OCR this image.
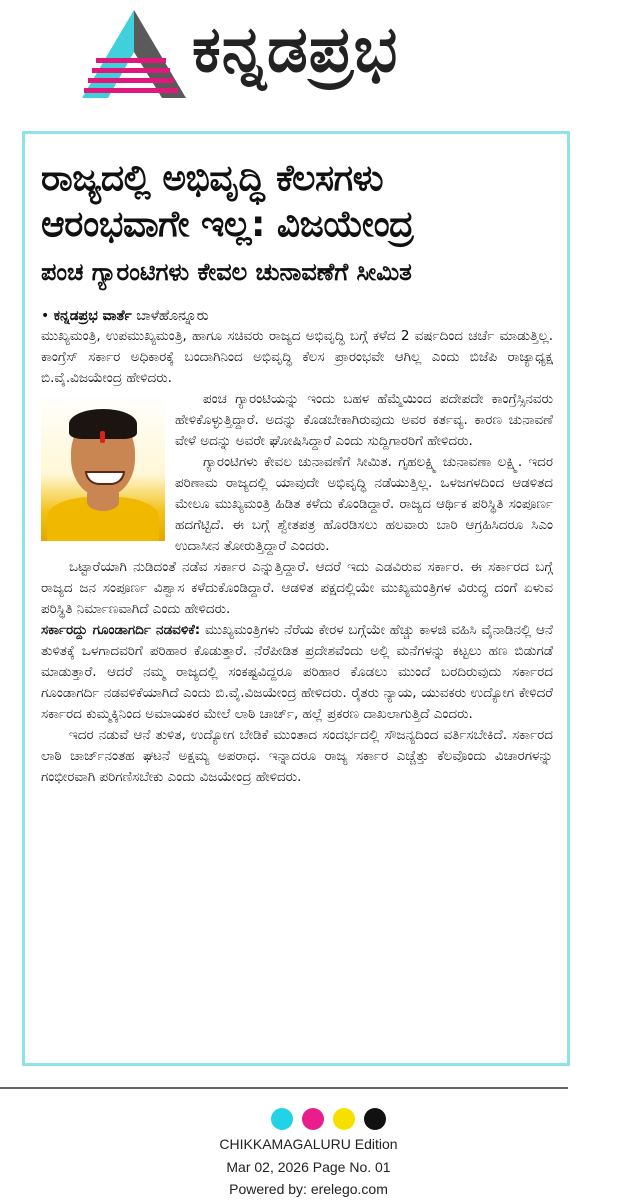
ಕನ್ನಡಪ್ರಭ
ರಾಜ್ಯದಲ್ಲಿ ಅಭಿವೃದ್ಧಿ ಕೆಲಸಗಳು
ಆರಂಭವಾಗೇ ಇಲ್ಲ: ವಿಜಯೇಂದ್ರ
ಪಂಚ ಗ್ಯಾರಂಟಿಗಳು ಕೇವಲ ಚುನಾವಣೆಗೆ ಸೀಮಿತ
• ಕನ್ನಡಪ್ರಭ ವಾರ್ತೆ ಬಾಳೆಹೊನ್ನೂರು

ಮುಖ್ಯಮಂತ್ರಿ, ಉಪಮುಖ್ಯಮಂತ್ರಿ, ಹಾಗೂ ಸಚಿವರು ರಾಜ್ಯದ ಅಭಿವೃದ್ಧಿ ಬಗ್ಗೆ ಕಳೆದ 2 ವರ್ಷದಿಂದ ಚರ್ಚೆ ಮಾಡುತ್ತಿಲ್ಲ. ಕಾಂಗ್ರೆಸ್ ಸರ್ಕಾರ ಅಧಿಕಾರಕ್ಕೆ ಬಂದಾಗಿನಿಂದ ಅಭಿವೃದ್ಧಿ ಕೆಲಸ ಪ್ರಾರಂಭವೇ ಆಗಿಲ್ಲ ಎಂದು ಬಿಜೆಪಿ ರಾಜ್ಯಾಧ್ಯಕ್ಷ ಬಿ.ವೈ.ವಿಜಯೇಂದ್ರ ಹೇಳಿದರು.

ಪಂಚ ಗ್ಯಾರಂಟಿಯನ್ನು ಇಂದು ಬಹಳ ಹೆಮ್ಮೆಯಿಂದ ಪದೇಪದೇ ಕಾಂಗ್ರೆಸ್ಸಿನವರು ಹೇಳಿಕೊಳ್ಳುತ್ತಿದ್ದಾರೆ. ಅದನ್ನು ಕೊಡಬೇಕಾಗಿರುವುದು ಅವರ ಕರ್ತವ್ಯ. ಕಾರಣ ಚುನಾವಣೆ ವೇಳೆ ಅದನ್ನು ಅವರೇ ಘೋಷಿಸಿದ್ದಾರೆ ಎಂದು ಸುದ್ದಿಗಾರರಿಗೆ ಹೇಳಿದರು.

ಗ್ಯಾರಂಟಿಗಳು ಕೇವಲ ಚುನಾವಣೆಗೆ ಸೀಮಿತ. ಗೃಹಲಕ್ಷ್ಮಿ ಚುನಾವಣಾ ಲಕ್ಷ್ಮಿ. ಇದರ ಪರಿಣಾಮ ರಾಜ್ಯದಲ್ಲಿ ಯಾವುದೇ ಅಭಿವೃದ್ಧಿ ನಡೆಯುತ್ತಿಲ್ಲ. ಒಳಜಗಳದಿಂದ ಆಡಳಿತದ ಮೇಲೂ ಮುಖ್ಯಮಂತ್ರಿ ಹಿಡಿತ ಕಳೆದು ಕೊಂಡಿದ್ದಾರೆ. ರಾಜ್ಯದ ಆರ್ಥಿಕ ಪರಿಸ್ಥಿತಿ ಸಂಪೂರ್ಣ ಹದಗೆಟ್ಟಿದೆ. ಈ ಬಗ್ಗೆ ಶ್ವೇತಪತ್ರ ಹೊರಡಿಸಲು ಹಲವಾರು ಬಾರಿ ಆಗ್ರಹಿಸಿದರೂ ಸಿಎಂ ಉದಾಸೀನ ತೋರುತ್ತಿದ್ದಾರೆ ಎಂದರು.

ಒಟ್ಟಾರೆಯಾಗಿ ನುಡಿದಂತೆ ನಡೆವ ಸರ್ಕಾರ ಎನ್ನುತ್ತಿದ್ದಾರೆ. ಆದರೆ ಇದು ಎಡವಿರುವ ಸರ್ಕಾರ. ಈ ಸರ್ಕಾರದ ಬಗ್ಗೆ ರಾಜ್ಯದ ಜನ ಸಂಪೂರ್ಣ ವಿಶ್ವಾಸ ಕಳೆದುಕೊಂಡಿದ್ದಾರೆ. ಆಡಳಿತ ಪಕ್ಷದಲ್ಲಿಯೇ ಮುಖ್ಯಮಂತ್ರಿಗಳ ವಿರುದ್ಧ ದಂಗೆ ಏಳುವ ಪರಿಸ್ಥಿತಿ ನಿರ್ಮಾಣವಾಗಿದೆ ಎಂದು ಹೇಳಿದರು.

ಸರ್ಕಾರದ್ದು ಗೂಂಡಾಗರ್ದಿ ನಡವಳಿಕೆ: ಮುಖ್ಯಮಂತ್ರಿಗಳು ನೆರೆಯ ಕೇರಳ ಬಗ್ಗೆಯೇ ಹೆಚ್ಚು ಕಾಳಜಿ ವಹಿಸಿ ವೈನಾಡಿನಲ್ಲಿ ಆನೆ ತುಳಿತಕ್ಕೆ ಒಳಗಾದವರಿಗೆ ಪರಿಹಾರ ಕೊಡುತ್ತಾರೆ. ನೆರೆಪೀಡಿತ ಪ್ರದೇಶವೆಂದು ಅಲ್ಲಿ ಮನೆಗಳನ್ನು ಕಟ್ಟಲು ಹಣ ಬಿಡುಗಡೆ ಮಾಡುತ್ತಾರೆ. ಆದರೆ ನಮ್ಮ ರಾಜ್ಯದಲ್ಲಿ ಸಂಕಷ್ಟವಿದ್ದರೂ ಪರಿಹಾರ ಕೊಡಲು ಮುಂದೆ ಬರದಿರುವುದು ಸರ್ಕಾರದ ಗೂಂಡಾಗರ್ದಿ ನಡವಳಿಕೆಯಾಗಿದೆ ಎಂದು ಬಿ.ವೈ.ವಿಜಯೇಂದ್ರ ಹೇಳಿದರು. ರೈತರು ನ್ಯಾಯ, ಯುವಕರು ಉದ್ಯೋಗ ಕೇಳಿದರೆ ಸರ್ಕಾರದ ಕುಮ್ಮಕ್ಕಿನಿಂದ ಅಮಾಯಕರ ಮೇಲೆ ಲಾಠಿ ಚಾರ್ಜ್, ಹಲ್ಲೆ ಪ್ರಕರಣ ದಾಖಲಾಗುತ್ತಿದೆ ಎಂದರು.

ಇದರ ನಡುವೆ ಆನೆ ತುಳಿತ, ಉದ್ಯೋಗ ಬೇಡಿಕೆ ಮುಂತಾದ ಸಂದರ್ಭದಲ್ಲಿ ಸೌಜನ್ಯದಿಂದ ವರ್ತಿಸಬೇಕಿದೆ. ಸರ್ಕಾರದ ಲಾಠಿ ಚಾರ್ಜ್‌ನಂತಹ ಘಟನೆ ಅಕ್ಷಮ್ಯ ಅಪರಾಧ. ಇನ್ನಾದರೂ ರಾಜ್ಯ ಸರ್ಕಾರ ಎಚ್ಚೆತ್ತು ಕೆಲವೊಂದು ವಿಚಾರಗಳನ್ನು ಗಂಭೀರವಾಗಿ ಪರಿಗಣಿಸಬೇಕು ಎಂದು ವಿಜಯೇಂದ್ರ ಹೇಳಿದರು.

CHIKKAMAGALURU Edition
Mar 02, 2026 Page No. 01
Powered by: erelego.com
